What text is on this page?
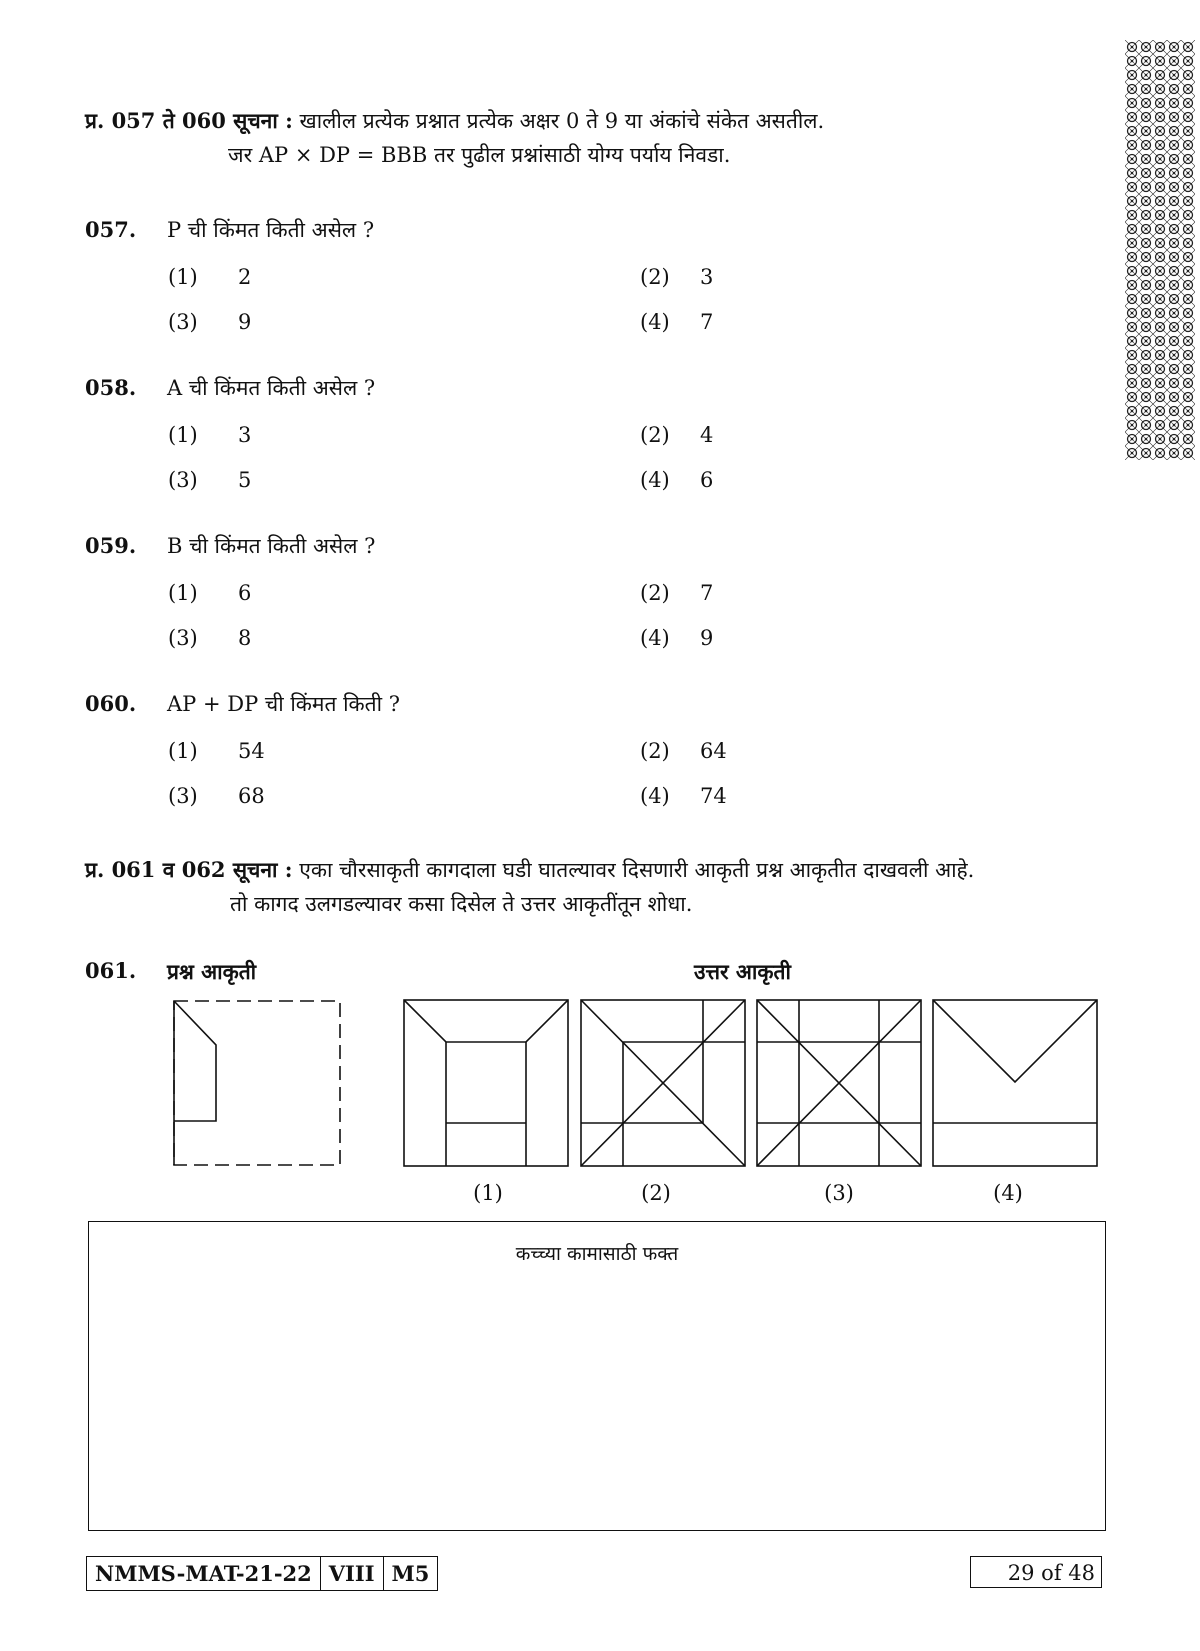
प्र. 057 ते 060 सूचना : खालील प्रत्येक प्रश्नात प्रत्येक अक्षर 0 ते 9 या अंकांचे संकेत असतील.
जर AP × DP = BBB तर पुढील प्रश्नांसाठी योग्य पर्याय निवडा.
057. P ची किंमत किती असेल ?
(1) 2	(2) 3
(3) 9	(4) 7
058. A ची किंमत किती असेल ?
(1) 3	(2) 4
(3) 5	(4) 6
059. B ची किंमत किती असेल ?
(1) 6	(2) 7
(3) 8	(4) 9
060. AP + DP ची किंमत किती ?
(1) 54	(2) 64
(3) 68	(4) 74
प्र. 061 व 062 सूचना : एका चौरसाकृती कागदाला घडी घातल्यावर दिसणारी आकृती प्रश्न आकृतीत दाखवली आहे.
तो कागद उलगडल्यावर कसा दिसेल ते उत्तर आकृतींतून शोधा.
061. प्रश्न आकृती	उत्तर आकृती
(1)	(2)	(3)	(4)
कच्च्या कामासाठी फक्त
NMMS-MAT-21-22 VIII M5	29 of 48
